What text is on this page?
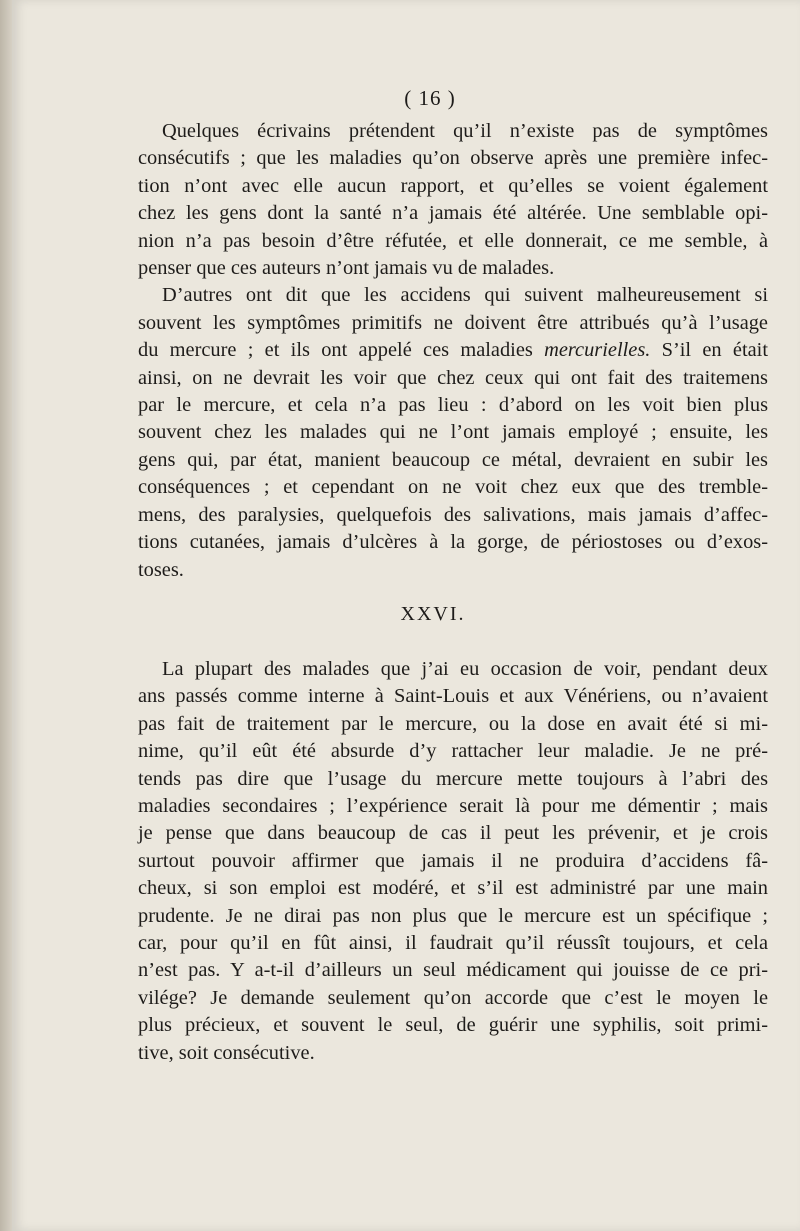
( 16 )
Quelques écrivains prétendent qu’il n’existe pas de symptômes
consécutifs ; que les maladies qu’on observe après une première infec-
tion n’ont avec elle aucun rapport, et qu’elles se voient également
chez les gens dont la santé n’a jamais été altérée. Une semblable opi-
nion n’a pas besoin d’être réfutée, et elle donnerait, ce me semble, à
penser que ces auteurs n’ont jamais vu de malades.
D’autres ont dit que les accidens qui suivent malheureusement si
souvent les symptômes primitifs ne doivent être attribués qu’à l’usage
du mercure ; et ils ont appelé ces maladies mercurielles. S’il en était
ainsi, on ne devrait les voir que chez ceux qui ont fait des traitemens
par le mercure, et cela n’a pas lieu : d’abord on les voit bien plus
souvent chez les malades qui ne l’ont jamais employé ; ensuite, les
gens qui, par état, manient beaucoup ce métal, devraient en subir les
conséquences ; et cependant on ne voit chez eux que des tremble-
mens, des paralysies, quelquefois des salivations, mais jamais d’affec-
tions cutanées, jamais d’ulcères à la gorge, de périostoses ou d’exos-
toses.
XXVI.
La plupart des malades que j’ai eu occasion de voir, pendant deux
ans passés comme interne à Saint-Louis et aux Vénériens, ou n’avaient
pas fait de traitement par le mercure, ou la dose en avait été si mi-
nime, qu’il eût été absurde d’y rattacher leur maladie. Je ne pré-
tends pas dire que l’usage du mercure mette toujours à l’abri des
maladies secondaires ; l’expérience serait là pour me démentir ; mais
je pense que dans beaucoup de cas il peut les prévenir, et je crois
surtout pouvoir affirmer que jamais il ne produira d’accidens fâ-
cheux, si son emploi est modéré, et s’il est administré par une main
prudente. Je ne dirai pas non plus que le mercure est un spécifique ;
car, pour qu’il en fût ainsi, il faudrait qu’il réussît toujours, et cela
n’est pas. Y a-t-il d’ailleurs un seul médicament qui jouisse de ce pri-
vilége? Je demande seulement qu’on accorde que c’est le moyen le
plus précieux, et souvent le seul, de guérir une syphilis, soit primi-
tive, soit consécutive.
